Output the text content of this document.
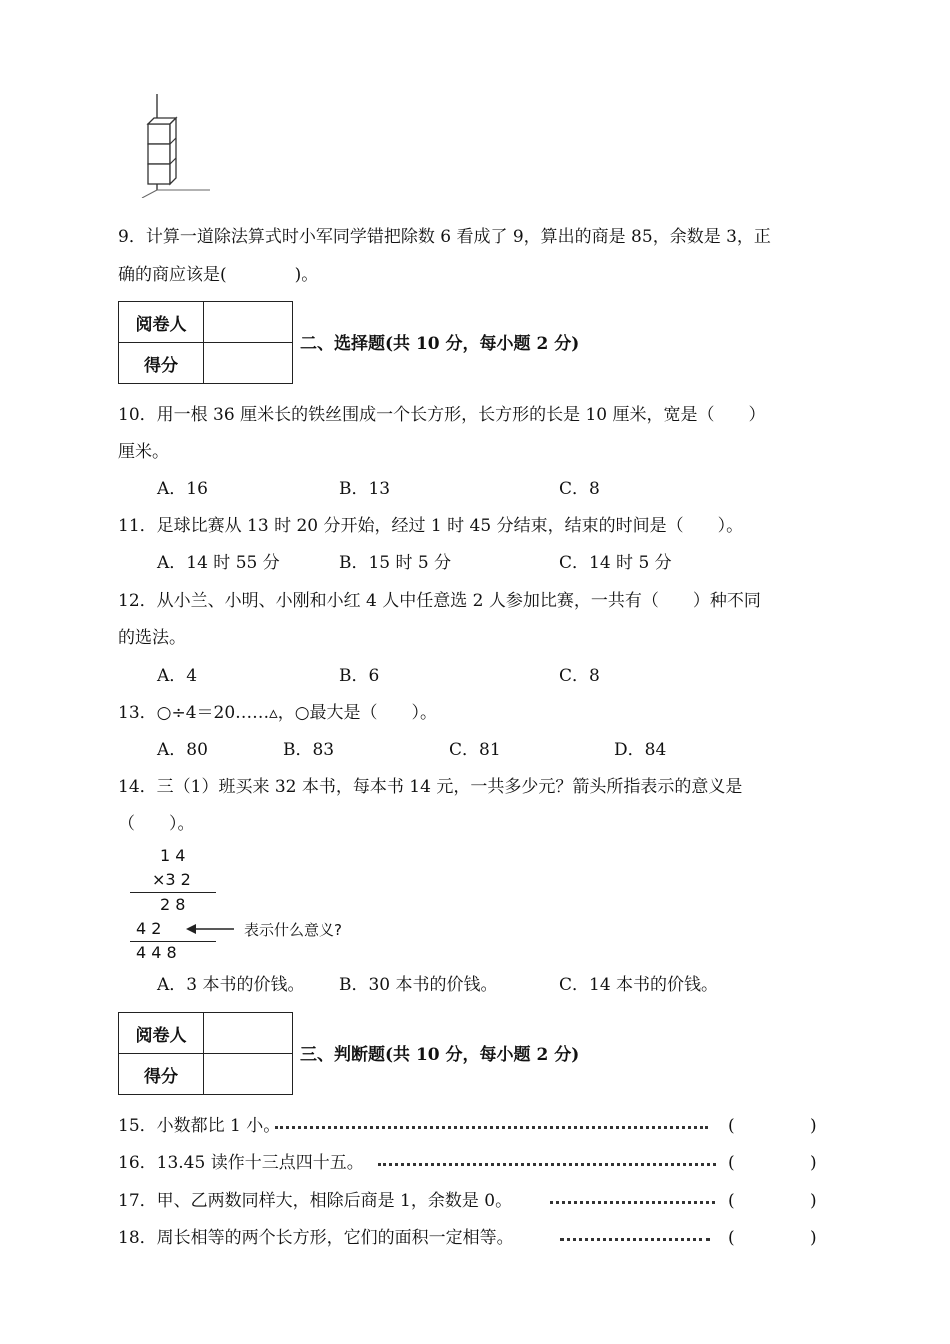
9．计算一道除法算式时小军同学错把除数 6 看成了 9，算出的商是 85，余数是 3，正
确的商应该是(　　　　)。
阅卷人	
得分	
二、选择题(共 10 分，每小题 2 分)
10．用一根 36 厘米长的铁丝围成一个长方形，长方形的长是 10 厘米，宽是（　　）
厘米。
A．16	B．13	C．8
11．足球比赛从 13 时 20 分开始，经过 1 时 45 分结束，结束的时间是（　　）。
A．14 时 55 分	B．15 时 5 分	C．14 时 5 分
12．从小兰、小明、小刚和小红 4 人中任意选 2 人参加比赛，一共有（　　）种不同
的选法。
A．4	B．6	C．8
13．○÷4＝20……▵，○最大是（　　）。
A．80	B．83	C．81	D．84
14．三（1）班买来 32 本书，每本书 14 元，一共多少元？箭头所指表示的意义是
（　　）。
1 4
×3 2
2 8
4 2
4 4 8
表示什么意义?
A．3 本书的价钱。 B．30 本书的价钱。	C．14 本书的价钱。
阅卷人	
得分	
三、判断题(共 10 分，每小题 2 分)
15．小数都比 1 小。	(	)
16．13.45 读作十三点四十五。	(	)
17．甲、乙两数同样大，相除后商是 1，余数是 0。	(	)
18．周长相等的两个长方形，它们的面积一定相等。	(	)
